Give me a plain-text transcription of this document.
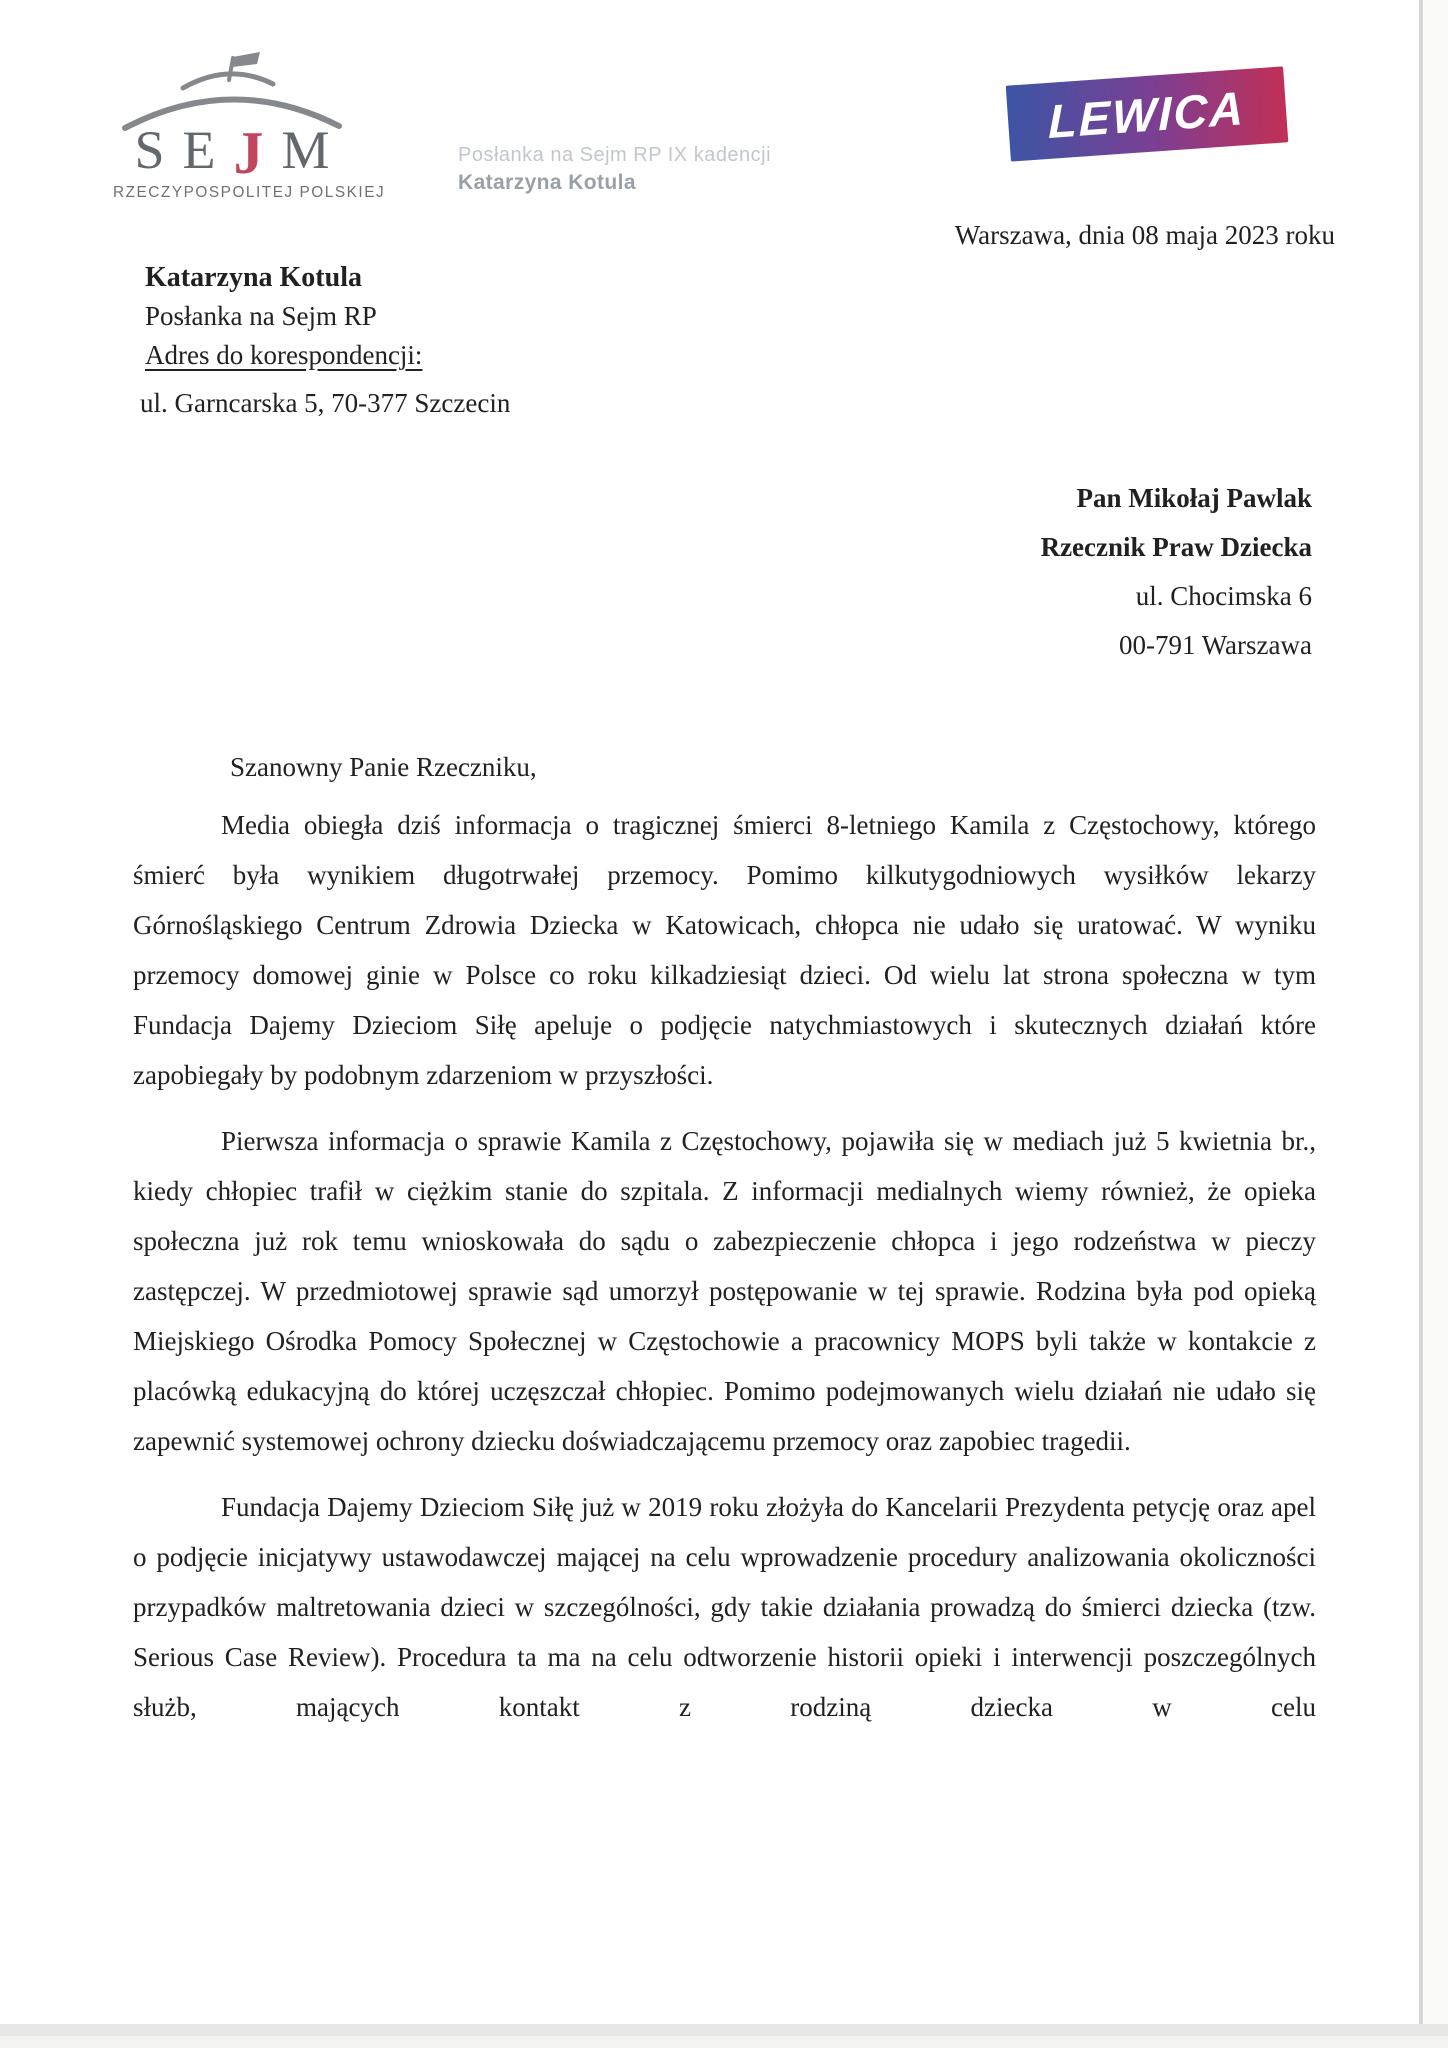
S E J M
RZECZYPOSPOLITEJ POLSKIEJ
Posłanka na Sejm RP IX kadencji
Katarzyna Kotula
LEWICA
Warszawa, dnia 08 maja 2023 roku
Katarzyna Kotula
Posłanka na Sejm RP
Adres do korespondencji:
ul. Garncarska 5, 70-377 Szczecin
Pan Mikołaj Pawlak
Rzecznik Praw Dziecka
ul. Chocimska 6
00-791 Warszawa
Szanowny Panie Rzeczniku,

Media obiegła dziś informacja o tragicznej śmierci 8-letniego Kamila z Częstochowy, którego śmierć była wynikiem długotrwałej przemocy. Pomimo kilkutygodniowych wysiłków lekarzy Górnośląskiego Centrum Zdrowia Dziecka w Katowicach, chłopca nie udało się uratować. W wyniku przemocy domowej ginie w Polsce co roku kilkadziesiąt dzieci. Od wielu lat strona społeczna w tym Fundacja Dajemy Dzieciom Siłę apeluje o podjęcie natychmiastowych i skutecznych działań które zapobiegały by podobnym zdarzeniom w przyszłości.

Pierwsza informacja o sprawie Kamila z Częstochowy, pojawiła się w mediach już 5 kwietnia br., kiedy chłopiec trafił w ciężkim stanie do szpitala. Z informacji medialnych wiemy również, że opieka społeczna już rok temu wnioskowała do sądu o zabezpieczenie chłopca i jego rodzeństwa w pieczy zastępczej. W przedmiotowej sprawie sąd umorzył postępowanie w tej sprawie. Rodzina była pod opieką Miejskiego Ośrodka Pomocy Społecznej w Częstochowie a pracownicy MOPS byli także w kontakcie z placówką edukacyjną do której uczęszczał chłopiec. Pomimo podejmowanych wielu działań nie udało się zapewnić systemowej ochrony dziecku doświadczającemu przemocy oraz zapobiec tragedii.

Fundacja Dajemy Dzieciom Siłę już w 2019 roku złożyła do Kancelarii Prezydenta petycję oraz apel o podjęcie inicjatywy ustawodawczej mającej na celu wprowadzenie procedury analizowania okoliczności przypadków maltretowania dzieci w szczególności, gdy takie działania prowadzą do śmierci dziecka (tzw. Serious Case Review). Procedura ta ma na celu odtworzenie historii opieki i interwencji poszczególnych służb, mających kontakt z rodziną dziecka w celu
